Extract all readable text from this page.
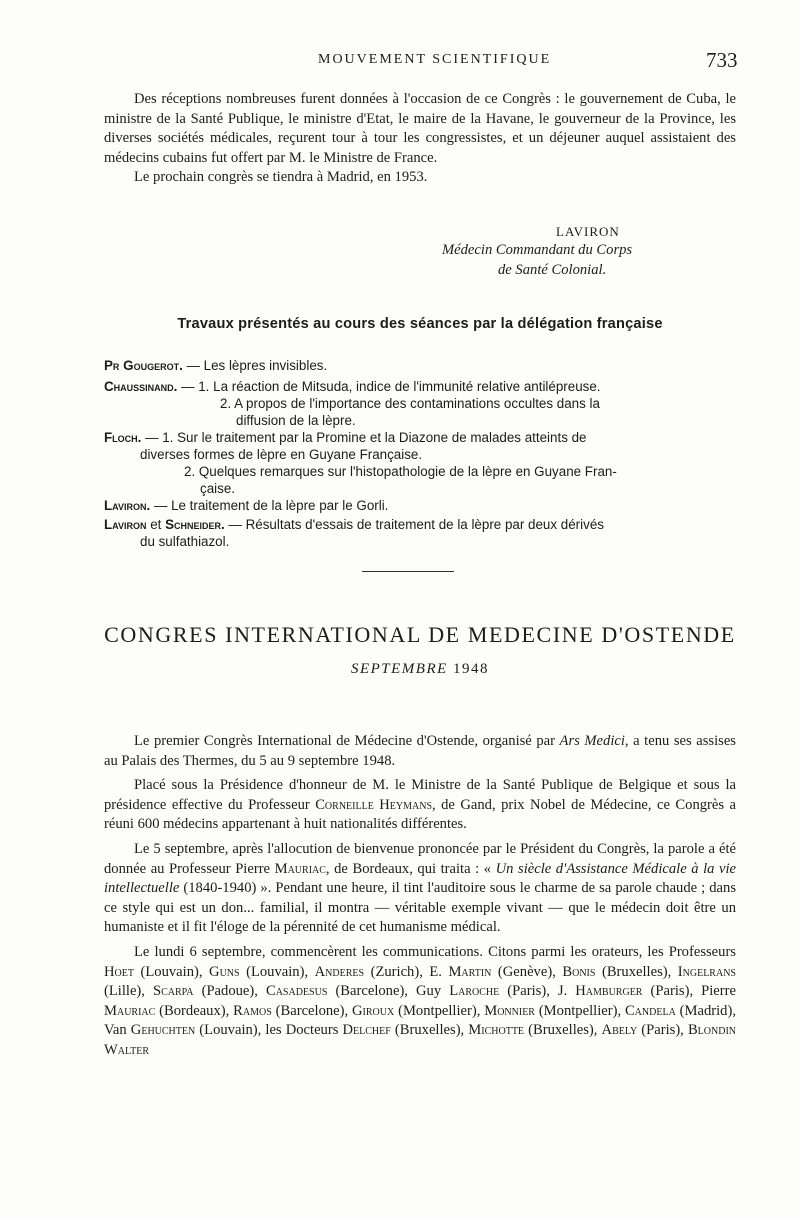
MOUVEMENT SCIENTIFIQUE	733

Des réceptions nombreuses furent données à l'occasion de ce Congrès : le gouvernement de Cuba, le ministre de la Santé Publique, le ministre d'Etat, le maire de la Havane, le gouverneur de la Province, les diverses sociétés médicales, reçurent tour à tour les congressistes, et un déjeuner auquel assistaient des médecins cubains fut offert par M. le Ministre de France.

Le prochain congrès se tiendra à Madrid, en 1953.

LAVIRON
Médecin Commandant du Corps
de Santé Colonial.
Travaux présentés au cours des séances par la délégation française
Pr Gougerot. — Les lèpres invisibles.
Chaussinand. — 1. La réaction de Mitsuda, indice de l'immunité relative antilépreuse.
2. A propos de l'importance des contaminations occultes dans la
diffusion de la lèpre.
Floch. — 1. Sur le traitement par la Promine et la Diazone de malades atteints de
diverses formes de lèpre en Guyane Française.
2. Quelques remarques sur l'histopathologie de la lèpre en Guyane Fran-
çaise.
Laviron. — Le traitement de la lèpre par le Gorli.
Laviron et Schneider. — Résultats d'essais de traitement de la lèpre par deux dérivés
du sulfathiazol.
CONGRES INTERNATIONAL DE MEDECINE D'OSTENDE
SEPTEMBRE 1948

Le premier Congrès International de Médecine d'Ostende, organisé par Ars Medici, a tenu ses assises au Palais des Thermes, du 5 au 9 septembre 1948.

Placé sous la Présidence d'honneur de M. le Ministre de la Santé Publique de Belgique et sous la présidence effective du Professeur Corneille Heymans, de Gand, prix Nobel de Médecine, ce Congrès a réuni 600 médecins appartenant à huit nationalités différentes.

Le 5 septembre, après l'allocution de bienvenue prononcée par le Président du Congrès, la parole a été donnée au Professeur Pierre Mauriac, de Bordeaux, qui traita : « Un siècle d'Assistance Médicale à la vie intellectuelle (1840-1940) ». Pendant une heure, il tint l'auditoire sous le charme de sa parole chaude ; dans ce style qui est un don... familial, il montra — véritable exemple vivant — que le médecin doit être un humaniste et il fit l'éloge de la pérennité de cet humanisme médical.

Le lundi 6 septembre, commencèrent les communications. Citons parmi les orateurs, les Professeurs Hoet (Louvain), Guns (Louvain), Anderes (Zurich), E. Martin (Genève), Bonis (Bruxelles), Ingelrans (Lille), Scarpa (Padoue), Casadesus (Barcelone), Guy Laroche (Paris), J. Hamburger (Paris), Pierre Mauriac (Bordeaux), Ramos (Barcelone), Giroux (Montpellier), Monnier (Montpellier), Candela (Madrid), Van Gehuchten (Louvain), les Docteurs Delchef (Bruxelles), Michotte (Bruxelles), Abely (Paris), Blondin Walter
